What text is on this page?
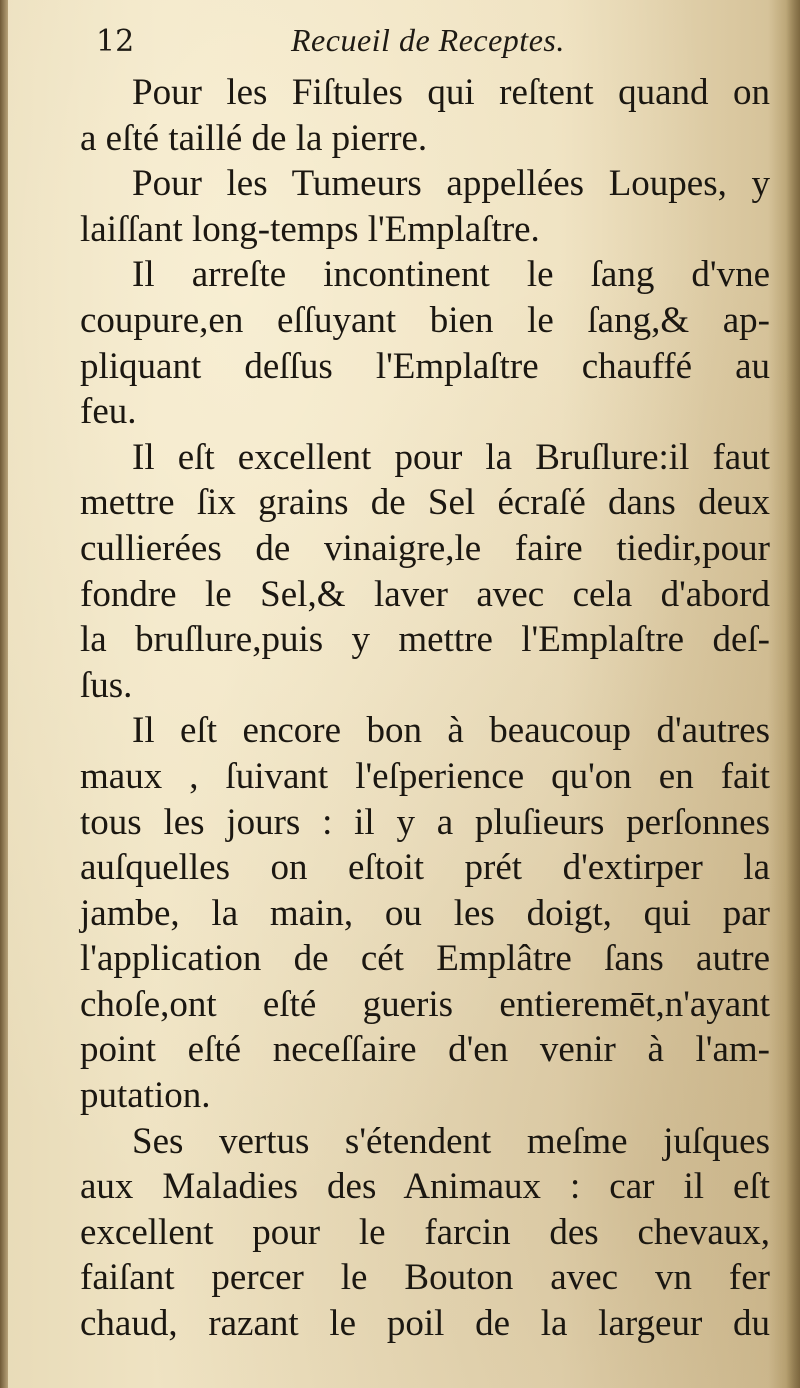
12	Recueil de Receptes.
Pour les Fiſtules qui reſtent quand on
a eſté taillé de la pierre.
Pour les Tumeurs appellées Loupes, y
laiſſant long-temps l'Emplaſtre.
Il arreſte incontinent le ſang d'vne
coupure,en eſſuyant bien le ſang,& ap-
pliquant deſſus l'Emplaſtre chauffé au
feu.
Il eſt excellent pour la Bruſlure:il faut
mettre ſix grains de Sel écraſé dans deux
cullierées de vinaigre,le faire tiedir,pour
fondre le Sel,& laver avec cela d'abord
la bruſlure,puis y mettre l'Emplaſtre deſ-
ſus.
Il eſt encore bon à beaucoup d'autres
maux , ſuivant l'eſperience qu'on en fait
tous les jours : il y a pluſieurs perſonnes
auſquelles on eſtoit prét d'extirper la
jambe, la main, ou les doigt, qui par
l'application de cét Emplâtre ſans autre
choſe,ont eſté gueris entieremēt,n'ayant
point eſté neceſſaire d'en venir à l'am-
putation.
Ses vertus s'étendent meſme juſques
aux Maladies des Animaux : car il eſt
excellent pour le farcin des chevaux,
faiſant percer le Bouton avec vn fer
chaud, razant le poil de la largeur du
